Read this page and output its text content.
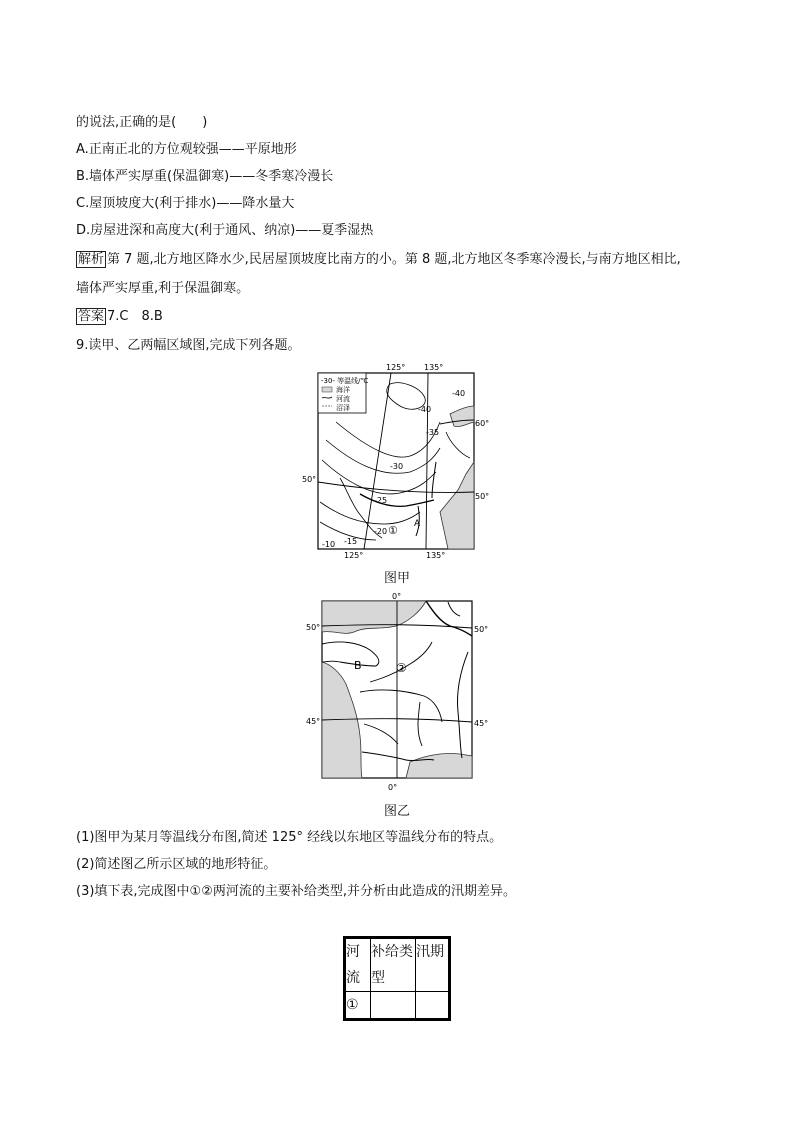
的说法,正确的是(　　)
A.正南正北的方位观较强——平原地形
B.墙体严实厚重(保温御寒)——冬季寒冷漫长
C.屋顶坡度大(利于排水)——降水量大
D.房屋进深和高度大(利于通风、纳凉)——夏季湿热
解析 第 7 题,北方地区降水少,民居屋顶坡度比南方的小。第 8 题,北方地区冬季寒冷漫长,与南方地区相比,
墙体严实厚重,利于保温御寒。
答案 7.C　8.B
9.读甲、乙两幅区域图,完成下列各题。
-30- 等温线/℃
海洋
河流
沼泽
125° 135°
125°	135°
50°
60°
50°
-40
-40
-35
-30
-25
-20
-15
-10
① A
图甲
0°
0°
50°
45°
50°
45°
B	②
图乙
(1)图甲为某月等温线分布图,简述 125° 经线以东地区等温线分布的特点。
(2)简述图乙所示区域的地形特征。
(3)填下表,完成图中①②两河流的主要补给类型,并分析由此造成的汛期差异。
河流	补给类型	汛期
①		
